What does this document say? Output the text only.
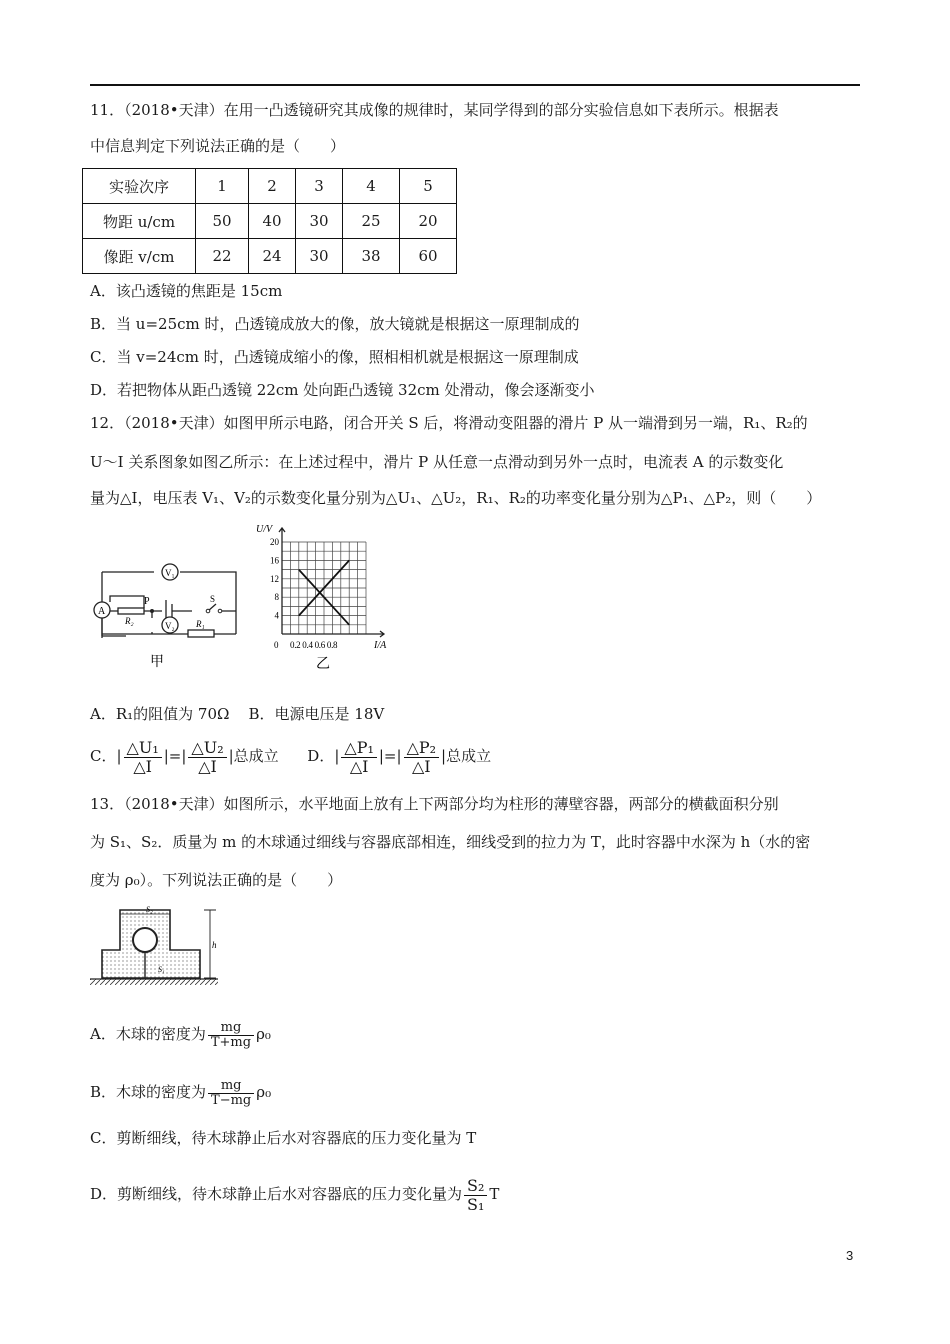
11．（2018•天津）在用一凸透镜研究其成像的规律时，某同学得到的部分实验信息如下表所示。根据表
中信息判定下列说法正确的是（　　）
实验次序	1	2	3	4	5
物距 u/cm	50	40	30	25	20
像距 v/cm	22	24	30	38	60
A．该凸透镜的焦距是 15cm
B．当 u=25cm 时，凸透镜成放大的像，放大镜就是根据这一原理制成的
C．当 v=24cm 时，凸透镜成缩小的像，照相相机就是根据这一原理制成
D．若把物体从距凸透镜 22cm 处向距凸透镜 32cm 处滑动，像会逐渐变小
12．（2018•天津）如图甲所示电路，闭合开关 S 后，将滑动变阻器的滑片 P 从一端滑到另一端，R₁、R₂的
U～I 关系图象如图乙所示：在上述过程中，滑片 P 从任意一点滑动到另外一点时，电流表 A 的示数变化
量为△I，电压表 V₁、V₂的示数变化量分别为△U₁、△U₂，R₁、R₂的功率变化量分别为△P₁、△P₂，则（　　）
V₁
A
V₂
P
R₂	R₁
S
甲
20
16
12
8
4
U/V
I/A
0 0.2 0.4 0.6 0.8
乙
A．R₁的阻值为 70Ω B．电源电压是 18V
C．| $\frac{\text{△U₁}}{\triangle I}$ |=| $\frac{\text{△U₂}}{\triangle I}$ |总成立 D．| $\frac{\text{△P₁}}{\triangle I}$ |=| $\frac{\text{△P₂}}{\triangle I}$ |总成立
13．（2018•天津）如图所示，水平地面上放有上下两部分均为柱形的薄壁容器，两部分的横截面积分别
为 S₁、S₂．质量为 m 的木球通过细线与容器底部相连，细线受到的拉力为 T，此时容器中水深为 h（水的密
度为 ρ₀）。下列说法正确的是（　　）
S₂
S₁
h
A．木球的密度为 $\frac{mg}{T+mg} \rho_0$
B．木球的密度为 $\frac{mg}{T-mg} \rho_0$
C．剪断细线，待木球静止后水对容器底的压力变化量为 T
D．剪断细线，待木球静止后水对容器底的压力变化量为 $\frac{\text{S₂}}{\text{S₁}}$ T
3
